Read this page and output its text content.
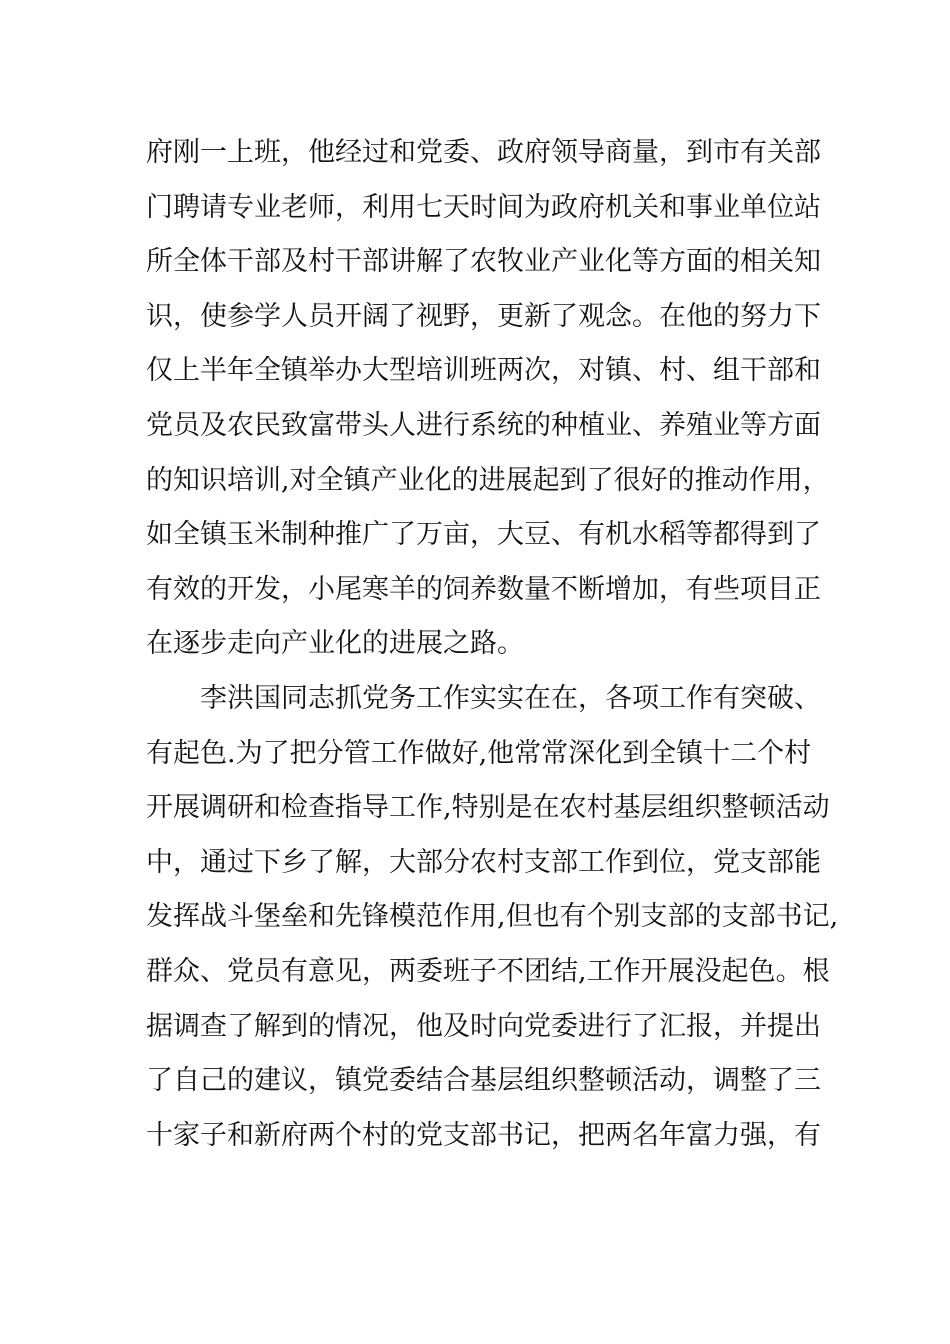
府刚一上班，他经过和党委、政府领导商量，到市有关部
门聘请专业老师，利用七天时间为政府机关和事业单位站
所全体干部及村干部讲解了农牧业产业化等方面的相关知
识，使参学人员开阔了视野，更新了观念。在他的努力下
仅上半年全镇举办大型培训班两次，对镇、村、组干部和
党员及农民致富带头人进行系统的种植业、养殖业等方面
的知识培训,对全镇产业化的进展起到了很好的推动作用，
如全镇玉米制种推广了万亩，大豆、有机水稻等都得到了
有效的开发，小尾寒羊的饲养数量不断增加，有些项目正
在逐步走向产业化的进展之路。
李洪国同志抓党务工作实实在在，各项工作有突破、
有起色.为了把分管工作做好,他常常深化到全镇十二个村
开展调研和检查指导工作,特别是在农村基层组织整顿活动
中，通过下乡了解，大部分农村支部工作到位，党支部能
发挥战斗堡垒和先锋模范作用,但也有个别支部的支部书记,
群众、党员有意见，两委班子不团结,工作开展没起色。根
据调查了解到的情况，他及时向党委进行了汇报，并提出
了自己的建议，镇党委结合基层组织整顿活动，调整了三
十家子和新府两个村的党支部书记，把两名年富力强，有
